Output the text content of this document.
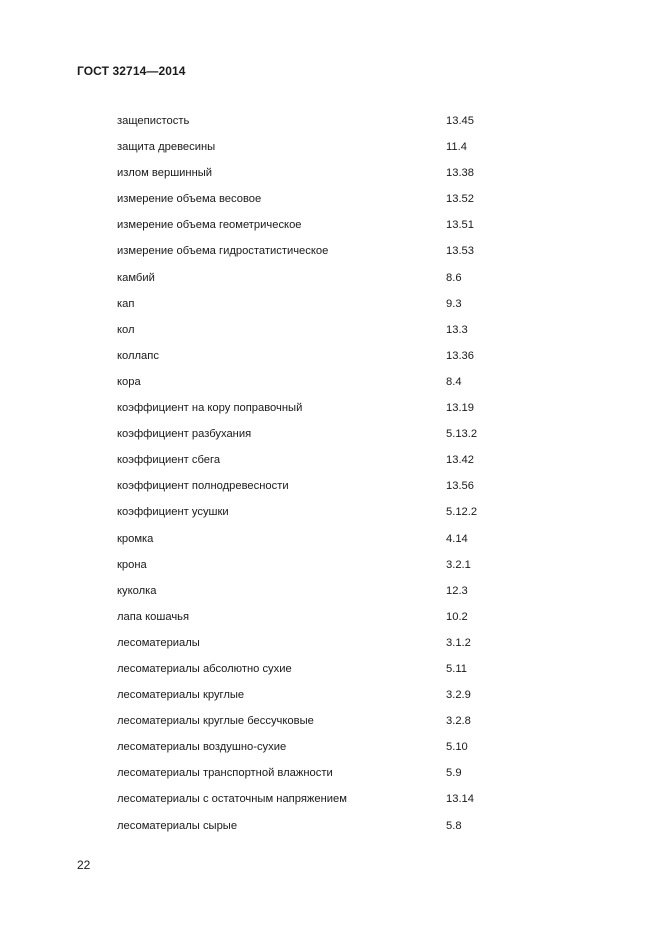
ГОСТ 32714—2014
защепистость	13.45
защита древесины	11.4
излом вершинный	13.38
измерение объема весовое	13.52
измерение объема геометрическое	13.51
измерение объема гидростатистическое	13.53
камбий	8.6
кап	9.3
кол	13.3
коллапс	13.36
кора	8.4
коэффициент на кору поправочный	13.19
коэффициент разбухания	5.13.2
коэффициент сбега	13.42
коэффициент полнодревесности	13.56
коэффициент усушки	5.12.2
кромка	4.14
крона	3.2.1
куколка	12.3
лапа кошачья	10.2
лесоматериалы	3.1.2
лесоматериалы абсолютно сухие	5.11
лесоматериалы круглые	3.2.9
лесоматериалы круглые бессучковые	3.2.8
лесоматериалы воздушно-сухие	5.10
лесоматериалы транспортной влажности	5.9
лесоматериалы с остаточным напряжением	13.14
лесоматериалы сырые	5.8
22
